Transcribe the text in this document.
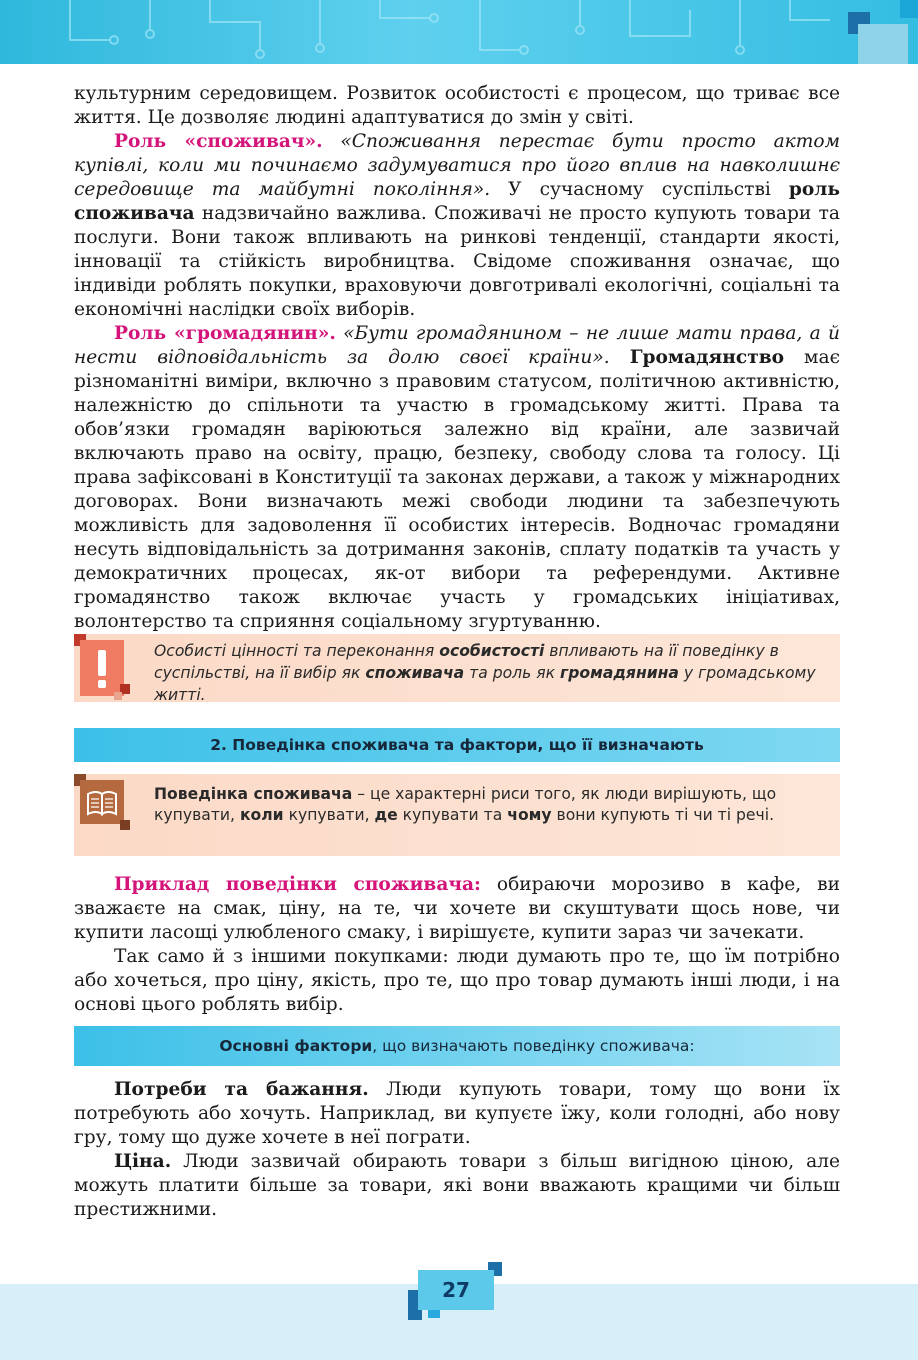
культурним середовищем. Розвиток особистості є процесом, що триває все життя. Це дозволяє людині адаптуватися до змін у світі.

Роль «споживач». «Споживання перестає бути просто актом купівлі, коли ми починаємо задумуватися про його вплив на навколишнє середовище та майбутні покоління». У сучасному суспільстві роль споживача надзвичайно важлива. Споживачі не просто купують товари та послуги. Вони також впливають на ринкові тенденції, стандарти якості, інновації та стійкість виробництва. Свідоме споживання означає, що індивіди роблять покупки, враховуючи довготривалі екологічні, соціальні та економічні наслідки своїх виборів.

Роль «громадянин». «Бути громадянином – не лише мати права, а й нести відповідальність за долю своєї країни». Громадянство має різноманітні виміри, включно з правовим статусом, політичною активністю, належністю до спільноти та участю в громадському житті. Права та обов’язки громадян варіюються залежно від країни, але зазвичай включають право на освіту, працю, безпеку, свободу слова та голосу. Ці права зафіксовані в Конституції та законах держави, а також у міжнародних договорах. Вони визначають межі свободи людини та забезпечують можливість для задоволення її особистих інтересів. Водночас громадяни несуть відповідальність за дотримання законів, сплату податків та участь у демократичних процесах, як-от вибори та референдуми. Активне громадянство також включає участь у громадських ініціативах, волонтерство та сприяння соціальному згуртуванню.

Особисті цінності та переконання особистості впливають на її поведінку в суспільстві, на її вибір як споживача та роль як громадянина у громадському житті.
2. Поведінка споживача та фактори, що її визначають
Поведінка споживача – це характерні риси того, як люди вирішують, що купувати, коли купувати, де купувати та чому вони купують ті чи ті речі.

Приклад поведінки споживача: обираючи морозиво в кафе, ви зважаєте на смак, ціну, на те, чи хочете ви скуштувати щось нове, чи купити ласощі улюбленого смаку, і вирішуєте, купити зараз чи зачекати.

Так само й з іншими покупками: люди думають про те, що їм потрібно або хочеться, про ціну, якість, про те, що про товар думають інші люди, і на основі цього роблять вибір.

Основні фактори, що визначають поведінку споживача:

Потреби та бажання. Люди купують товари, тому що вони їх потребують або хочуть. Наприклад, ви купуєте їжу, коли голодні, або нову гру, тому що дуже хочете в неї пограти.

Ціна. Люди зазвичай обирають товари з більш вигідною ціною, але можуть платити більше за товари, які вони вважають кращими чи більш престижними.

27
